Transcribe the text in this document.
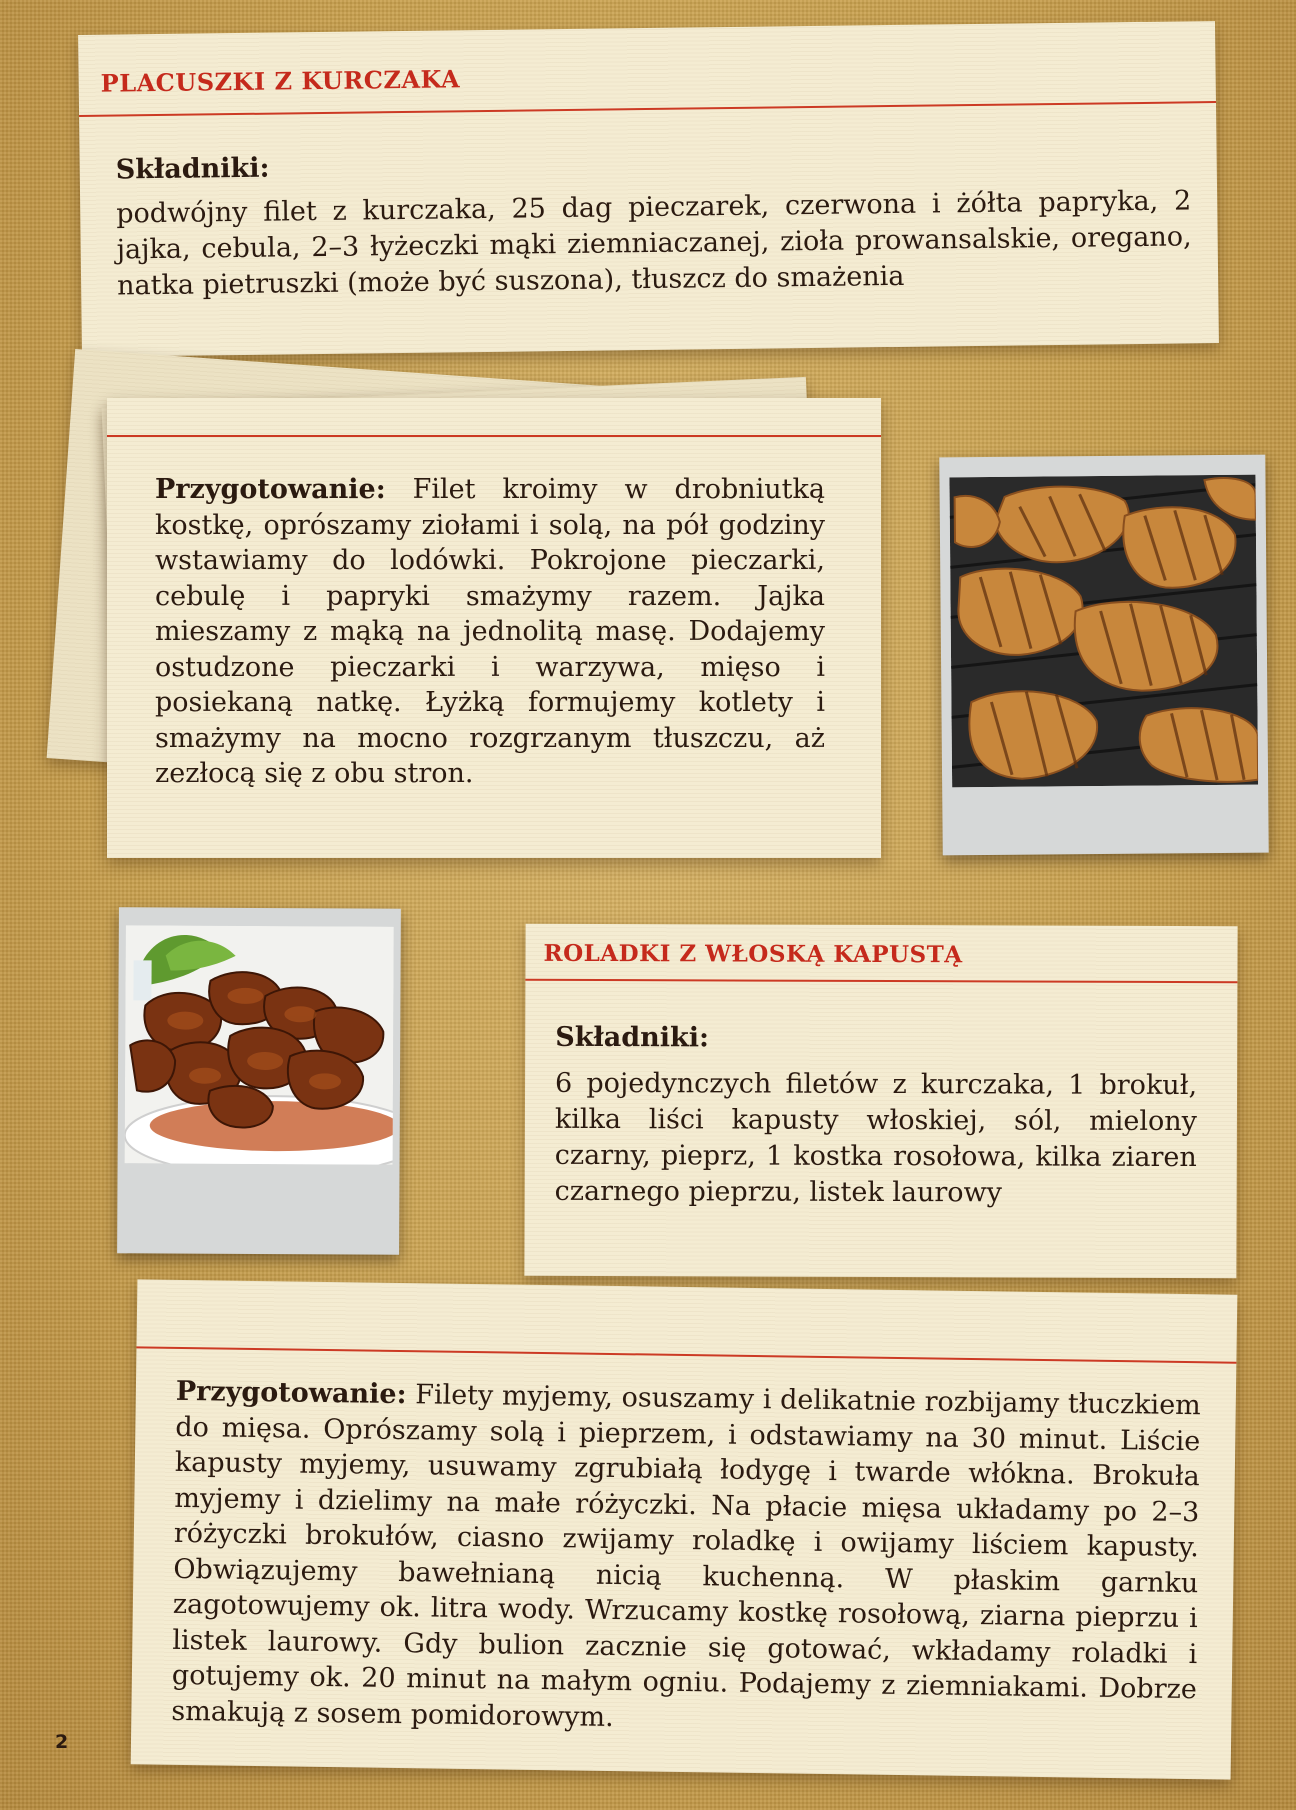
PLACUSZKI Z KURCZAKA
Składniki:

podwójny filet z kurczaka, 25 dag pieczarek, czerwona i żółta papryka, 2 jajka, cebula, 2–3 łyżeczki mąki ziemniaczanej, zioła prowansalskie, oregano, natka pietruszki (może być suszona), tłuszcz do smażenia

Przygotowanie: Filet kroimy w drobniutką kostkę, oprószamy ziołami i solą, na pół godziny wstawiamy do lodówki. Pokrojone pieczarki, cebulę i papryki smażymy razem. Jajka mieszamy z mąką na jednolitą masę. Dodajemy ostudzone pieczarki i warzywa, mięso i posiekaną natkę. Łyżką formujemy kotlety i smażymy na mocno rozgrzanym tłuszczu, aż zezłocą się z obu stron.

ROLADKI Z WŁOSKĄ KAPUSTĄ
Składniki:

6 pojedynczych filetów z kurczaka, 1 brokuł, kilka liści kapusty włoskiej, sól, mielony czarny, pieprz, 1 kostka rosołowa, kilka ziaren czarnego pieprzu, listek laurowy

Przygotowanie: Filety myjemy, osuszamy i delikatnie rozbijamy tłuczkiem do mięsa. Oprószamy solą i pieprzem, i odstawiamy na 30 minut. Liście kapusty myjemy, usuwamy zgrubiałą łodygę i twarde włókna. Brokuła myjemy i dzielimy na małe różyczki. Na płacie mięsa układamy po 2–3 różyczki brokułów, ciasno zwijamy roladkę i owijamy liściem kapusty. Obwiązujemy bawełnianą nicią kuchenną. W płaskim garnku zagotowujemy ok. litra wody. Wrzucamy kostkę rosołową, ziarna pieprzu i listek laurowy. Gdy bulion zacznie się gotować, wkładamy roladki i gotujemy ok. 20 minut na małym ogniu. Podajemy z ziemniakami. Dobrze smakują z sosem pomidorowym.

2
